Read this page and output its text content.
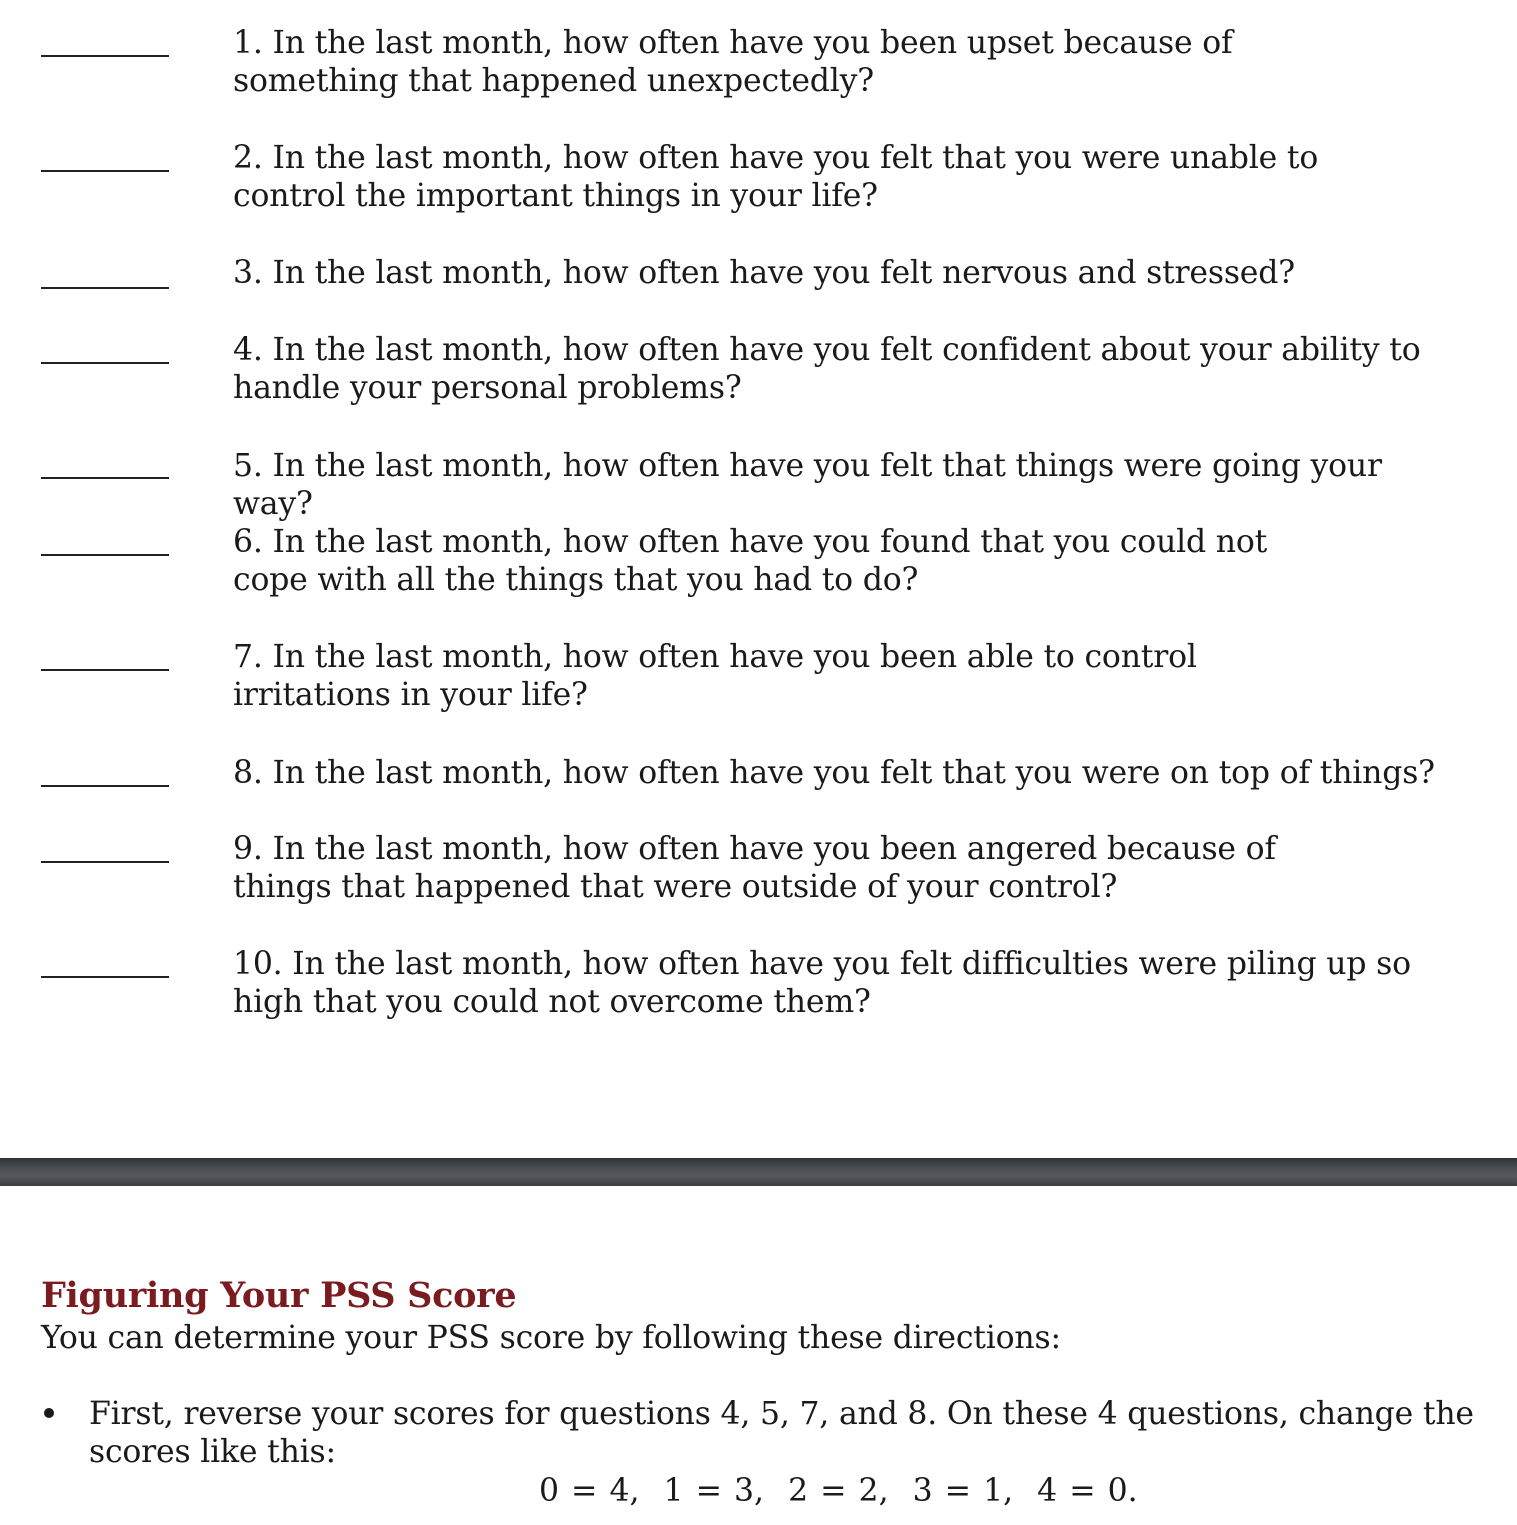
1. In the last month, how often have you been upset because of something that happened unexpectedly?
2. In the last month, how often have you felt that you were unable to control the important things in your life?
3. In the last month, how often have you felt nervous and stressed?
4. In the last month, how often have you felt confident about your ability to handle your personal problems?
5. In the last month, how often have you felt that things were going your way?
6. In the last month, how often have you found that you could not cope with all the things that you had to do?
7. In the last month, how often have you been able to control irritations in your life?
8. In the last month, how often have you felt that you were on top of things?
9. In the last month, how often have you been angered because of things that happened that were outside of your control?
10. In the last month, how often have you felt difficulties were piling up so high that you could not overcome them?
Figuring Your PSS Score
You can determine your PSS score by following these directions:
First, reverse your scores for questions 4, 5, 7, and 8. On these 4 questions, change the scores like this:
0 = 4,  1 = 3,  2 = 2,  3 = 1,  4 = 0.
